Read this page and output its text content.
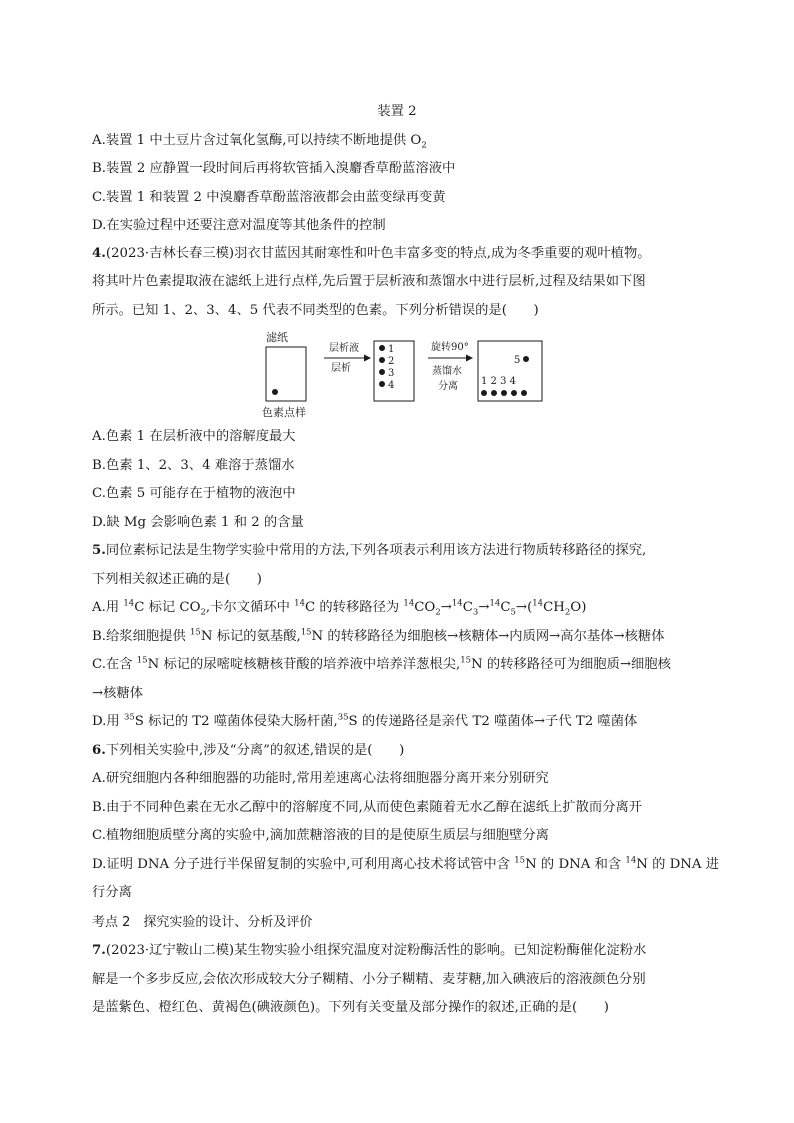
装置 2
A.装置 1 中土豆片含过氧化氢酶,可以持续不断地提供 $O_2$
B.装置 2 应静置一段时间后再将软管插入溴麝香草酚蓝溶液中
C.装置 1 和装置 2 中溴麝香草酚蓝溶液都会由蓝变绿再变黄
D.在实验过程中还要注意对温度等其他条件的控制
4.(2023·吉林长春三模)羽衣甘蓝因其耐寒性和叶色丰富多变的特点,成为冬季重要的观叶植物。
将其叶片色素提取液在滤纸上进行点样,先后置于层析液和蒸馏水中进行层析,过程及结果如下图
所示。已知 1、2、3、4、5 代表不同类型的色素。下列分析错误的是(　　)
滤纸
色素点样
层析液
层析
1
2
3
4
旋转90°
蒸馏水
分离
5
1 2 3 4
A.色素 1 在层析液中的溶解度最大
B.色素 1、2、3、4 难溶于蒸馏水
C.色素 5 可能存在于植物的液泡中
D.缺 Mg 会影响色素 1 和 2 的含量
5.同位素标记法是生物学实验中常用的方法,下列各项表示利用该方法进行物质转移路径的探究,
下列相关叙述正确的是(　　)
A.用 $^{14}$C 标记 $CO_2$,卡尔文循环中 $^{14}$C 的转移路径为 $^{14}CO_2\to^{14}C_3\to^{14}C_5\to(^{14}CH_2O)$
B.给浆细胞提供 $^{15}$N 标记的氨基酸,$^{15}$N 的转移路径为细胞核→核糖体→内质网→高尔基体→核糖体
C.在含 $^{15}$N 标记的尿嘧啶核糖核苷酸的培养液中培养洋葱根尖,$^{15}$N 的转移路径可为细胞质→细胞核
→核糖体
D.用 $^{35}$S 标记的 T2 噬菌体侵染大肠杆菌,$^{35}$S 的传递路径是亲代 T2 噬菌体→子代 T2 噬菌体
6.下列相关实验中,涉及“分离”的叙述,错误的是(　　)
A.研究细胞内各种细胞器的功能时,常用差速离心法将细胞器分离开来分别研究
B.由于不同种色素在无水乙醇中的溶解度不同,从而使色素随着无水乙醇在滤纸上扩散而分离开
C.植物细胞质壁分离的实验中,滴加蔗糖溶液的目的是使原生质层与细胞壁分离
D.证明 DNA 分子进行半保留复制的实验中,可利用离心技术将试管中含 $^{15}$N 的 DNA 和含 $^{14}$N 的 DNA 进
行分离
考点 2　探究实验的设计、分析及评价
7.(2023·辽宁鞍山二模)某生物实验小组探究温度对淀粉酶活性的影响。已知淀粉酶催化淀粉水
解是一个多步反应,会依次形成较大分子糊精、小分子糊精、麦芽糖,加入碘液后的溶液颜色分别
是蓝紫色、橙红色、黄褐色(碘液颜色)。下列有关变量及部分操作的叙述,正确的是(　　)
